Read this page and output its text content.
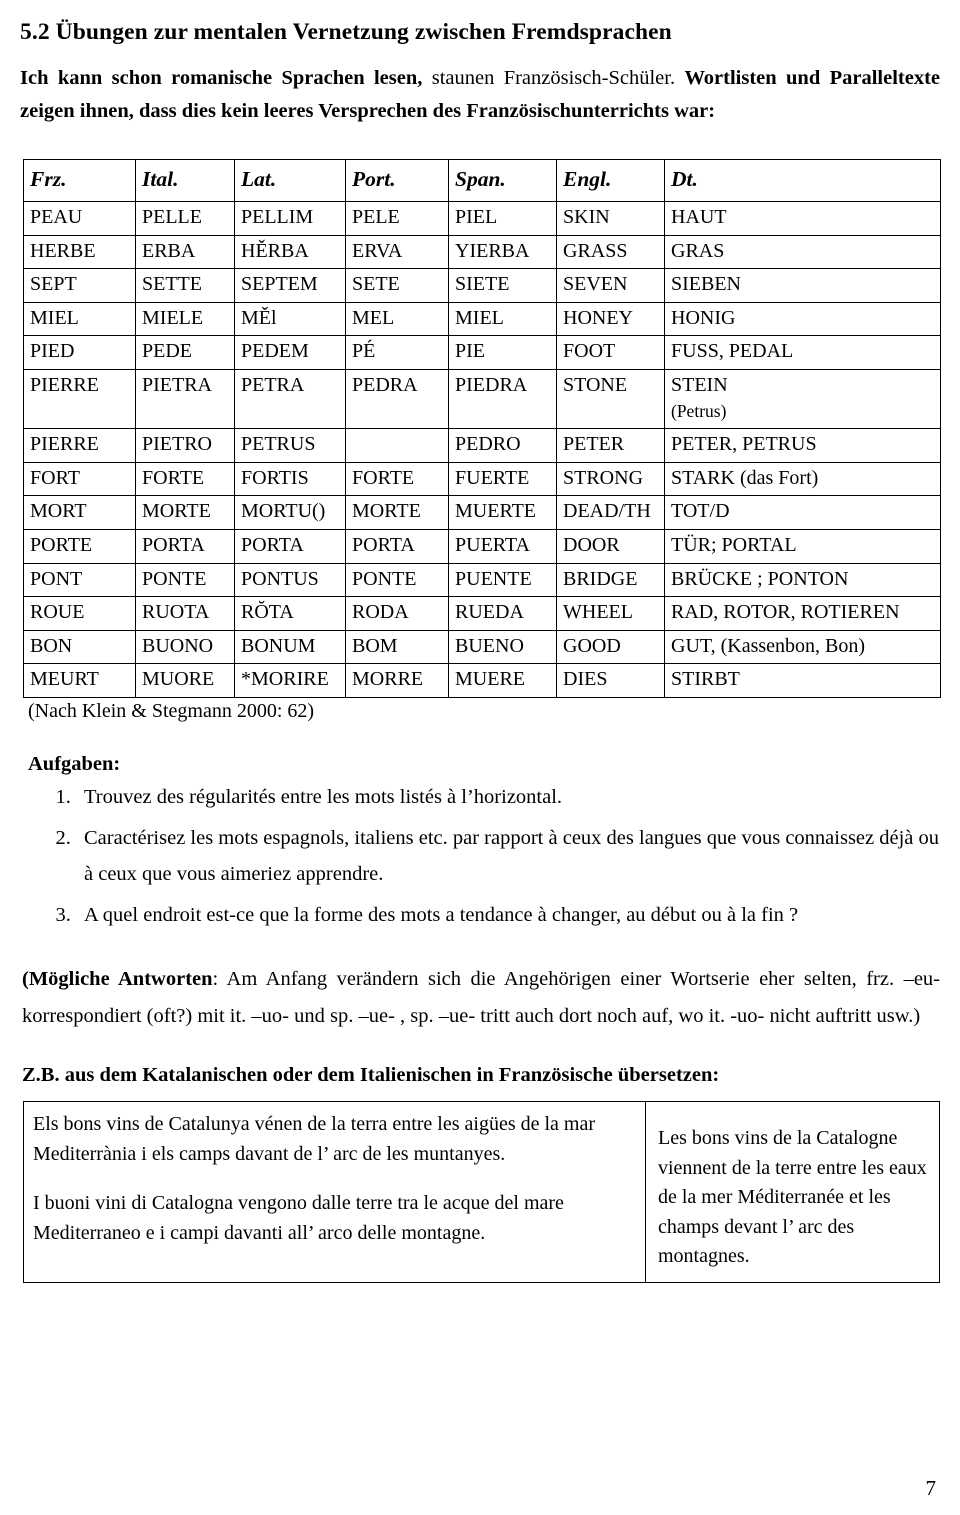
5.2 Übungen zur mentalen Vernetzung zwischen Fremdsprachen

Ich kann schon romanische Sprachen lesen, staunen Französisch-Schüler. Wortlisten und Paralleltexte zeigen ihnen, dass dies kein leeres Versprechen des Französischunterrichts war:

Frz.	Ital.	Lat.	Port.	Span.	Engl.	Dt.
PEAU	PELLE	PELLIM	PELE	PIEL	SKIN	HAUT
HERBE	ERBA	HĚRBA	ERVA	YIERBA	GRASS	GRAS
SEPT	SETTE	SEPTEM	SETE	SIETE	SEVEN	SIEBEN
MIEL	MIELE	MĚl	MEL	MIEL	HONEY	HONIG
PIED	PEDE	PEDEM	PÉ	PIE	FOOT	FUSS, PEDAL
PIERRE	PIETRA	PETRA	PEDRA	PIEDRA	STONE	STEIN
(Petrus)
PIERRE	PIETRO	PETRUS		PEDRO	PETER	PETER, PETRUS
FORT	FORTE	FORTIS	FORTE	FUERTE	STRONG	STARK (das Fort)
MORT	MORTE	MORTU()	MORTE	MUERTE	DEAD/TH	TOT/D
PORTE	PORTA	PORTA	PORTA	PUERTA	DOOR	TÜR; PORTAL
PONT	PONTE	PONTUS	PONTE	PUENTE	BRIDGE	BRÜCKE ; PONTON
ROUE	RUOTA	RŎTA	RODA	RUEDA	WHEEL	RAD, ROTOR, ROTIEREN
BON	BUONO	BONUM	BOM	BUENO	GOOD	GUT, (Kassenbon, Bon)
MEURT	MUORE	*MORIRE	MORRE	MUERE	DIES	STIRBT
(Nach Klein & Stegmann 2000: 62)
Aufgaben:
1. Trouvez des régularités entre les mots listés à l’horizontal.
2. Caractérisez les mots espagnols, italiens etc. par rapport à ceux des langues que vous connaissez déjà ou à ceux que vous aimeriez apprendre.
3. A quel endroit est-ce que la forme des mots a tendance à changer, au début ou à la fin ?

(Mögliche Antworten: Am Anfang verändern sich die Angehörigen einer Wortserie eher selten, frz. –eu- korrespondiert (oft?) mit it. –uo- und sp. –ue- , sp. –ue- tritt auch dort noch auf, wo it. -uo- nicht auftritt usw.)

Z.B. aus dem Katalanischen oder dem Italienischen in Französische übersetzen:

Els bons vins de Catalunya vénen de la terra entre les aigües de la mar Mediterrània i els camps davant de l’ arc de les muntanyes.

I buoni vini di Catalogna vengono dalle terre tra le acque del mare Mediterraneo e i campi davanti all’ arco delle montagne.

Les bons vins de la Catalogne viennent de la terre entre les eaux de la mer Méditerranée et les champs devant l’ arc des montagnes.

7
